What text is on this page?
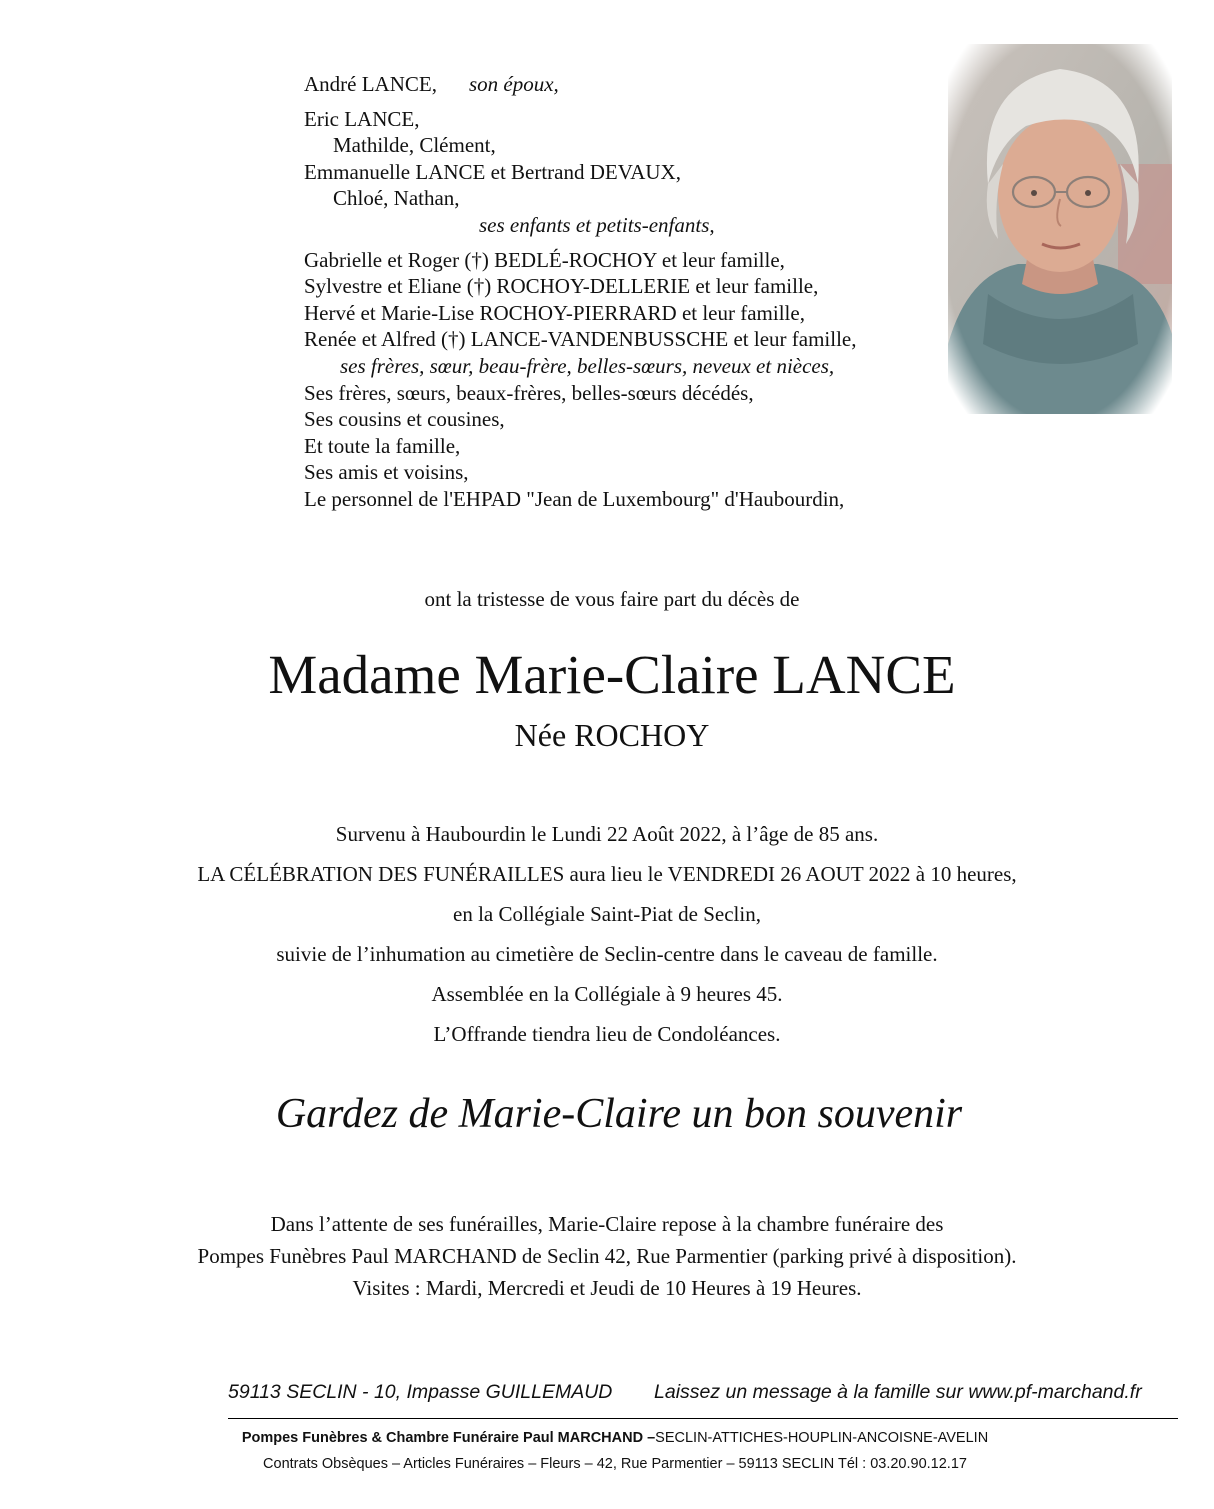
André LANCE, son époux,
Eric LANCE,
Mathilde, Clément,
Emmanuelle LANCE et Bertrand DEVAUX,
Chloé, Nathan,
ses enfants et petits-enfants,
Gabrielle et Roger (†) BEDLÉ-ROCHOY et leur famille,
Sylvestre et Eliane (†) ROCHOY-DELLERIE et leur famille,
Hervé et Marie-Lise ROCHOY-PIERRARD et leur famille,
Renée et Alfred (†) LANCE-VANDENBUSSCHE et leur famille,
ses frères, sœur, beau-frère, belles-sœurs, neveux et nièces,
Ses frères, sœurs, beaux-frères, belles-sœurs décédés,
Ses cousins et cousines,
Et toute la famille,
Ses amis et voisins,
Le personnel de l'EHPAD "Jean de Luxembourg" d'Haubourdin,
ont la tristesse de vous faire part du décès de
Madame Marie-Claire LANCE
Née ROCHOY
Survenu à Haubourdin le Lundi 22 Août 2022, à l’âge de 85 ans.
LA CÉLÉBRATION DES FUNÉRAILLES aura lieu le VENDREDI 26 AOUT 2022 à 10 heures,
en la Collégiale Saint-Piat de Seclin,
suivie de l’inhumation au cimetière de Seclin-centre dans le caveau de famille.
Assemblée en la Collégiale à 9 heures 45.
L’Offrande tiendra lieu de Condoléances.
Gardez de Marie-Claire un bon souvenir
Dans l’attente de ses funérailles, Marie-Claire repose à la chambre funéraire des
Pompes Funèbres Paul MARCHAND de Seclin 42, Rue Parmentier (parking privé à disposition).
Visites : Mardi, Mercredi et Jeudi de 10 Heures à 19 Heures.
59113 SECLIN - 10, Impasse GUILLEMAUD Laissez un message à la famille sur www.pf-marchand.fr
Pompes Funèbres & Chambre Funéraire Paul MARCHAND –SECLIN-ATTICHES-HOUPLIN-ANCOISNE-AVELIN
Contrats Obsèques – Articles Funéraires – Fleurs – 42, Rue Parmentier – 59113 SECLIN Tél : 03.20.90.12.17
